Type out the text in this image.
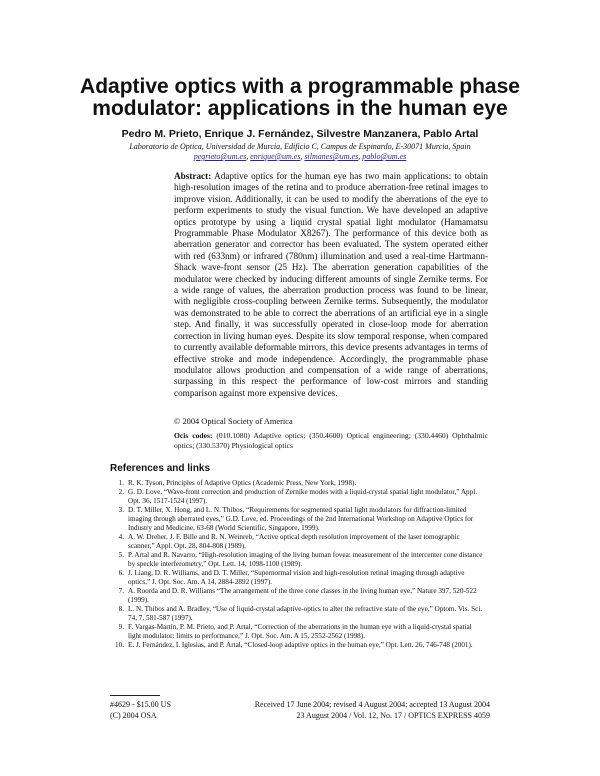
Adaptive optics with a programmable phase
modulator: applications in the human eye
Pedro M. Prieto, Enrique J. Fernández, Silvestre Manzanera, Pablo Artal
Laboratorio de Optica, Universidad de Murcia, Edificio C, Campus de Espinardo, E-30071 Murcia, Spain
pegrieto@um.es, enrique@um.es, silmanes@um.es, pablo@um.es
Abstract: Adaptive optics for the human eye has two main applications: to obtain high-resolution images of the retina and to produce aberration-free retinal images to improve vision. Additionally, it can be used to modify the aberrations of the eye to perform experiments to study the visual function. We have developed an adaptive optics prototype by using a liquid crystal spatial light modulator (Hamamatsu Programmable Phase Modulator X8267). The performance of this device both as aberration generator and corrector has been evaluated. The system operated either with red (633nm) or infrared (780nm) illumination and used a real-time Hartmann-Shack wave-front sensor (25 Hz). The aberration generation capabilities of the modulator were checked by inducing different amounts of single Zernike terms. For a wide range of values, the aberration production process was found to be linear, with negligible cross-coupling between Zernike terms. Subsequently, the modulator was demonstrated to be able to correct the aberrations of an artificial eye in a single step. And finally, it was successfully operated in close-loop mode for aberration correction in living human eyes. Despite its slow temporal response, when compared to currently available deformable mirrors, this device presents advantages in terms of effective stroke and mode independence. Accordingly, the programmable phase modulator allows production and compensation of a wide range of aberrations, surpassing in this respect the performance of low-cost mirrors and standing comparison against more expensive devices.
© 2004 Optical Society of America
Ocis codes: (010.1080) Adaptive optics; (350.4600) Optical engineering; (330.4460) Ophthalmic optics; (330.5370) Physiological optics
References and links
1. R. K. Tyson, Principles of Adaptive Optics (Academic Press, New York, 1998).
2. G. D. Love, “Wave-front correction and production of Zernike modes with a liquid-crystal spatial light modulator,” Appl. Opt. 36, 1517-1524 (1997).
3. D. T. Miller, X. Hong, and L. N. Thibos, “Requirements for segmented spatial light modulators for diffraction-limited imaging through aberrated eyes,” G.D. Love, ed. Proceedings of the 2nd International Workshop on Adaptive Optics for Industry and Medicine, 63-68 (World Scientific, Singapore, 1999).
4. A. W. Dreher, J. F. Bille and R. N. Weinreb, “Active optical depth resolution improvement of the laser tomographic scanner,” Appl. Opt. 28, 804-808 (1989).
5. P. Artal and R. Navarro, “High-resolution imaging of the living human fovea: measurement of the intercenter cone distance by speckle interferometry,” Opt. Lett. 14, 1098-1100 (1989).
6. J. Liang, D. R. Williams, and D. T. Miller, “Supernormal vision and high-resolution retinal imaging through adaptive optics,” J. Opt. Soc. Am. A 14, 2884-2892 (1997).
7. A. Roorda and D. R. Williams “The arrangement of the three cone classes in the living human eye,” Nature 397, 520-522 (1999).
8. L. N. Thibos and A. Bradley, “Use of liquid-crystal adaptive-optics to alter the refractive state of the eye,” Optom. Vis. Sci. 74, 7, 581-587 (1997).
9. F. Vargas-Martín, P. M. Prieto, and P. Artal, “Correction of the aberrations in the human eye with a liquid-crystal spatial light modulator: limits to performance,” J. Opt. Soc. Am. A 15, 2552-2562 (1998).
10. E. J. Fernández, I. Iglesias, and P. Artal, “Closed-loop adaptive optics in the human eye,” Opt. Lett. 26, 746-748 (2001).
#4629 - $15.00 US
(C) 2004 OSA
Received 17 June 2004; revised 4 August 2004; accepted 13 August 2004
23 August 2004 / Vol. 12, No. 17 / OPTICS EXPRESS 4059
